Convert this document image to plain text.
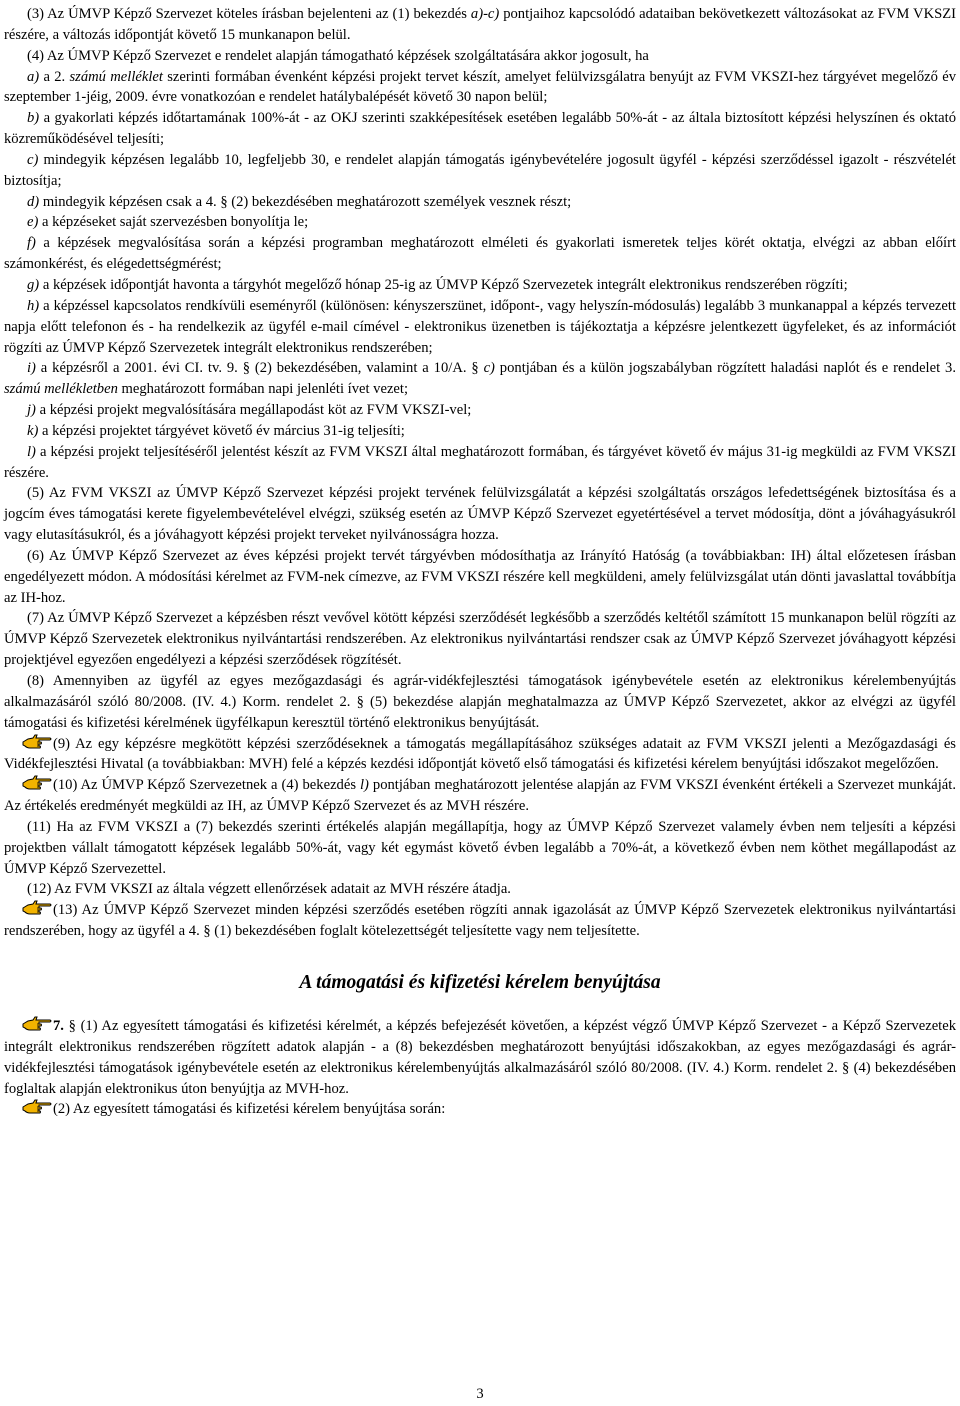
(3) Az ÚMVP Képző Szervezet köteles írásban bejelenteni az (1) bekezdés a)-c) pontjaihoz kapcsolódó adataiban bekövetkezett változásokat az FVM VKSZI részére, a változás időpontját követő 15 munkanapon belül.

(4) Az ÚMVP Képző Szervezet e rendelet alapján támogatható képzések szolgáltatására akkor jogosult, ha

a) a 2. számú melléklet szerinti formában évenként képzési projekt tervet készít, amelyet felülvizsgálatra benyújt az FVM VKSZI-hez tárgyévet megelőző év szeptember 1-jéig, 2009. évre vonatkozóan e rendelet hatálybalépését követő 30 napon belül;

b) a gyakorlati képzés időtartamának 100%-át - az OKJ szerinti szakképesítések esetében legalább 50%-át - az általa biztosított képzési helyszínen és oktató közreműködésével teljesíti;

c) mindegyik képzésen legalább 10, legfeljebb 30, e rendelet alapján támogatás igénybevételére jogosult ügyfél - képzési szerződéssel igazolt - részvételét biztosítja;

d) mindegyik képzésen csak a 4. § (2) bekezdésében meghatározott személyek vesznek részt;

e) a képzéseket saját szervezésben bonyolítja le;

f) a képzések megvalósítása során a képzési programban meghatározott elméleti és gyakorlati ismeretek teljes körét oktatja, elvégzi az abban előírt számonkérést, és elégedettségmérést;

g) a képzések időpontját havonta a tárgyhót megelőző hónap 25-ig az ÚMVP Képző Szervezetek integrált elektronikus rendszerében rögzíti;

h) a képzéssel kapcsolatos rendkívüli eseményről (különösen: kényszerszünet, időpont-, vagy helyszín-módosulás) legalább 3 munkanappal a képzés tervezett napja előtt telefonon és - ha rendelkezik az ügyfél e-mail címével - elektronikus üzenetben is tájékoztatja a képzésre jelentkezett ügyfeleket, és az információt rögzíti az ÚMVP Képző Szervezetek integrált elektronikus rendszerében;

i) a képzésről a 2001. évi CI. tv. 9. § (2) bekezdésében, valamint a 10/A. § c) pontjában és a külön jogszabályban rögzített haladási naplót és e rendelet 3. számú mellékletben meghatározott formában napi jelenléti ívet vezet;

j) a képzési projekt megvalósítására megállapodást köt az FVM VKSZI-vel;

k) a képzési projektet tárgyévet követő év március 31-ig teljesíti;

l) a képzési projekt teljesítéséről jelentést készít az FVM VKSZI által meghatározott formában, és tárgyévet követő év május 31-ig megküldi az FVM VKSZI részére.

(5) Az FVM VKSZI az ÚMVP Képző Szervezet képzési projekt tervének felülvizsgálatát a képzési szolgáltatás országos lefedettségének biztosítása és a jogcím éves támogatási kerete figyelembevételével elvégzi, szükség esetén az ÚMVP Képző Szervezet egyetértésével a tervet módosítja, dönt a jóváhagyásukról vagy elutasításukról, és a jóváhagyott képzési projekt terveket nyilvánosságra hozza.

(6) Az ÚMVP Képző Szervezet az éves képzési projekt tervét tárgyévben módosíthatja az Irányító Hatóság (a továbbiakban: IH) által előzetesen írásban engedélyezett módon. A módosítási kérelmet az FVM-nek címezve, az FVM VKSZI részére kell megküldeni, amely felülvizsgálat után dönti javaslattal továbbítja az IH-hoz.

(7) Az ÚMVP Képző Szervezet a képzésben részt vevővel kötött képzési szerződését legkésőbb a szerződés keltétől számított 15 munkanapon belül rögzíti az ÚMVP Képző Szervezetek elektronikus nyilvántartási rendszerében. Az elektronikus nyilvántartási rendszer csak az ÚMVP Képző Szervezet jóváhagyott képzési projektjével egyezően engedélyezi a képzési szerződések rögzítését.

(8) Amennyiben az ügyfél az egyes mezőgazdasági és agrár-vidékfejlesztési támogatások igénybevétele esetén az elektronikus kérelembenyújtás alkalmazásáról szóló 80/2008. (IV. 4.) Korm. rendelet 2. § (5) bekezdése alapján meghatalmazza az ÚMVP Képző Szervezetet, akkor az elvégzi az ügyfél támogatási és kifizetési kérelmének ügyfélkapun keresztül történő elektronikus benyújtását.

(9) Az egy képzésre megkötött képzési szerződéseknek a támogatás megállapításához szükséges adatait az FVM VKSZI jelenti a Mezőgazdasági és Vidékfejlesztési Hivatal (a továbbiakban: MVH) felé a képzés kezdési időpontját követő első támogatási és kifizetési kérelem benyújtási időszakot megelőzően.

(10) Az ÚMVP Képző Szervezetnek a (4) bekezdés l) pontjában meghatározott jelentése alapján az FVM VKSZI évenként értékeli a Szervezet munkáját. Az értékelés eredményét megküldi az IH, az ÚMVP Képző Szervezet és az MVH részére.

(11) Ha az FVM VKSZI a (7) bekezdés szerinti értékelés alapján megállapítja, hogy az ÚMVP Képző Szervezet valamely évben nem teljesíti a képzési projektben vállalt támogatott képzések legalább 50%-át, vagy két egymást követő évben legalább a 70%-át, a következő évben nem köthet megállapodást az ÚMVP Képző Szervezettel.

(12) Az FVM VKSZI az általa végzett ellenőrzések adatait az MVH részére átadja.

(13) Az ÚMVP Képző Szervezet minden képzési szerződés esetében rögzíti annak igazolását az ÚMVP Képző Szervezetek elektronikus nyilvántartási rendszerében, hogy az ügyfél a 4. § (1) bekezdésében foglalt kötelezettségét teljesítette vagy nem teljesítette.

A támogatási és kifizetési kérelem benyújtása

7. § (1) Az egyesített támogatási és kifizetési kérelmét, a képzés befejezését követően, a képzést végző ÚMVP Képző Szervezet - a Képző Szervezetek integrált elektronikus rendszerében rögzített adatok alapján - a (8) bekezdésben meghatározott benyújtási időszakokban, az egyes mezőgazdasági és agrár-vidékfejlesztési támogatások igénybevétele esetén az elektronikus kérelembenyújtás alkalmazásáról szóló 80/2008. (IV. 4.) Korm. rendelet 2. § (4) bekezdésében foglaltak alapján elektronikus úton benyújtja az MVH-hoz.

(2) Az egyesített támogatási és kifizetési kérelem benyújtása során:

3
